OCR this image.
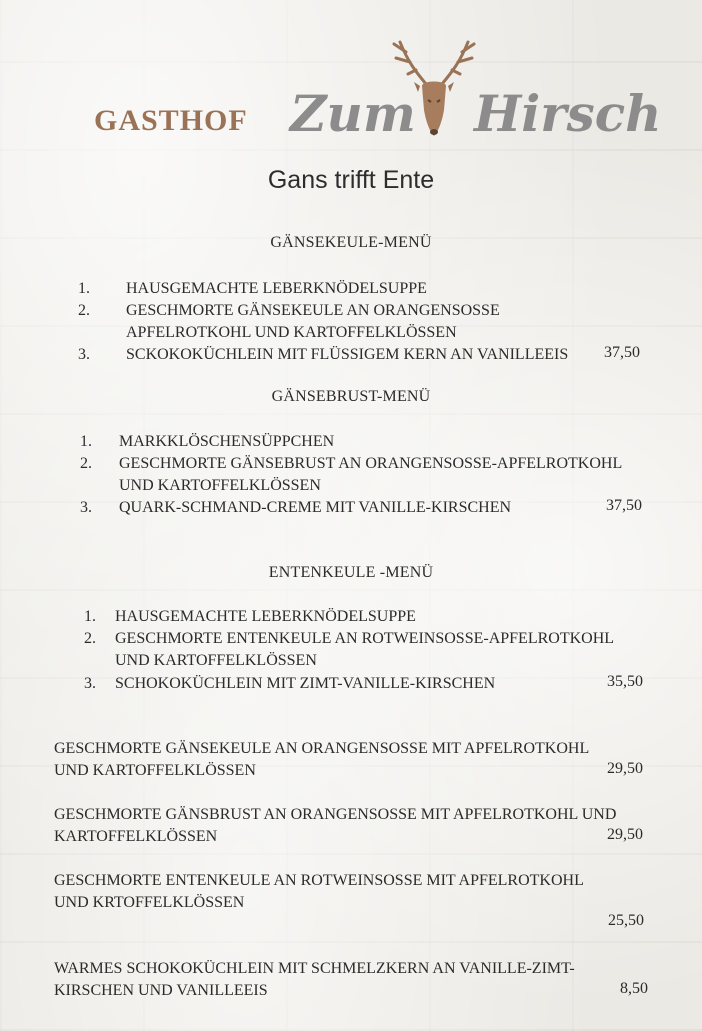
GASTHOF Zum Hirsch
Gans trifft Ente
GÄNSEKEULE-MENÜ
1. HAUSGEMACHTE LEBERKNÖDELSUPPE
2. GESCHMORTE GÄNSEKEULE AN ORANGENSOSSE
APFELROTKOHL UND KARTOFFELKLÖSSEN
3. SCKOKOKÜCHLEIN MIT FLÜSSIGEM KERN AN VANILLEEIS 37,50
GÄNSEBRUST-MENÜ
1. MARKKLÖSCHENSÜPPCHEN
2. GESCHMORTE GÄNSEBRUST AN ORANGENSOSSE-APFELROTKOHL
UND KARTOFFELKLÖSSEN
3. QUARK-SCHMAND-CREME MIT VANILLE-KIRSCHEN	37,50
ENTENKEULE -MENÜ
1. HAUSGEMACHTE LEBERKNÖDELSUPPE
2. GESCHMORTE ENTENKEULE AN ROTWEINSOSSE-APFELROTKOHL
UND KARTOFFELKLÖSSEN
3. SCHOKOKÜCHLEIN MIT ZIMT-VANILLE-KIRSCHEN	35,50
GESCHMORTE GÄNSEKEULE AN ORANGENSOSSE MIT APFELROTKOHL
UND KARTOFFELKLÖSSEN	29,50
GESCHMORTE GÄNSBRUST AN ORANGENSOSSE MIT APFELROTKOHL UND
KARTOFFELKLÖSSEN	29,50
GESCHMORTE ENTENKEULE AN ROTWEINSOSSE MIT APFELROTKOHL
UND KRTOFFELKLÖSSEN
25,50
WARMES SCHOKOKÜCHLEIN MIT SCHMELZKERN AN VANILLE-ZIMT-
KIRSCHEN UND VANILLEEIS	8,50
